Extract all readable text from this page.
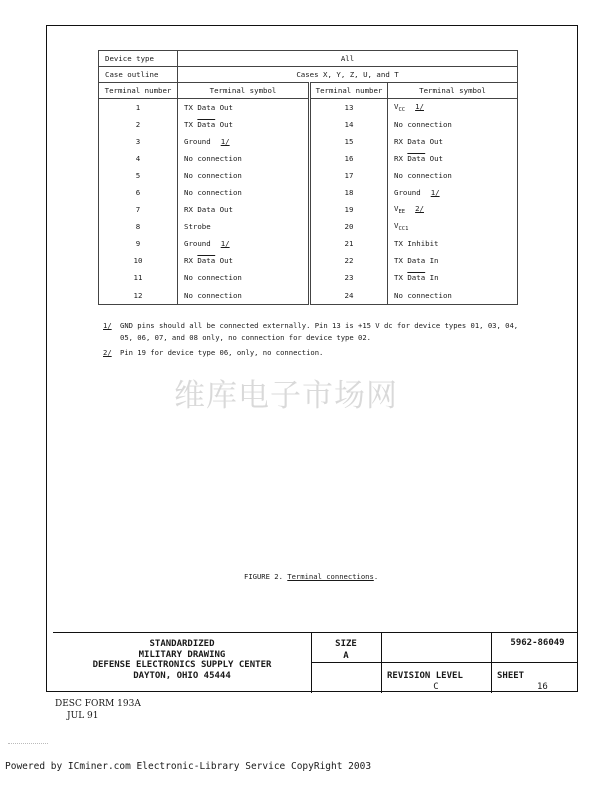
Device type	All		
Case outline	Cases X, Y, Z, U, and T		
Terminal number	Terminal symbol	Terminal number	Terminal symbol
1	TX Data Out	13	$V_{CC}$ 1/
2	TX Data Out	14	No connection
3	Ground 1/	15	RX Data Out
4	No connection	16	RX Data Out
5	No connection	17	No connection
6	No connection	18	Ground 1/
7	RX Data Out	19	$V_{EE}$ 2/
8	Strobe	20	$V_{CC1}$
9	Ground 1/	21	TX Inhibit
10	RX Data Out	22	TX Data In
11	No connection	23	TX Data In
12	No connection	24	No connection
1/ GND pins should all be connected externally. Pin 13 is +15 V dc for device types 01, 03, 04,
05, 06, 07, and 08 only, no connection for device type 02.
2/ Pin 19 for device type 06, only, no connection.
维库电子市场网
FIGURE 2. Terminal connections.
STANDARDIZED
MILITARY DRAWING
DEFENSE ELECTRONICS SUPPLY CENTER
DAYTON, OHIO 45444
SIZE
A
5962-86049
REVISION LEVEL
C
SHEET
16
DESC FORM 193A
JUL 91
Powered by ICminer.com Electronic-Library Service CopyRight 2003
